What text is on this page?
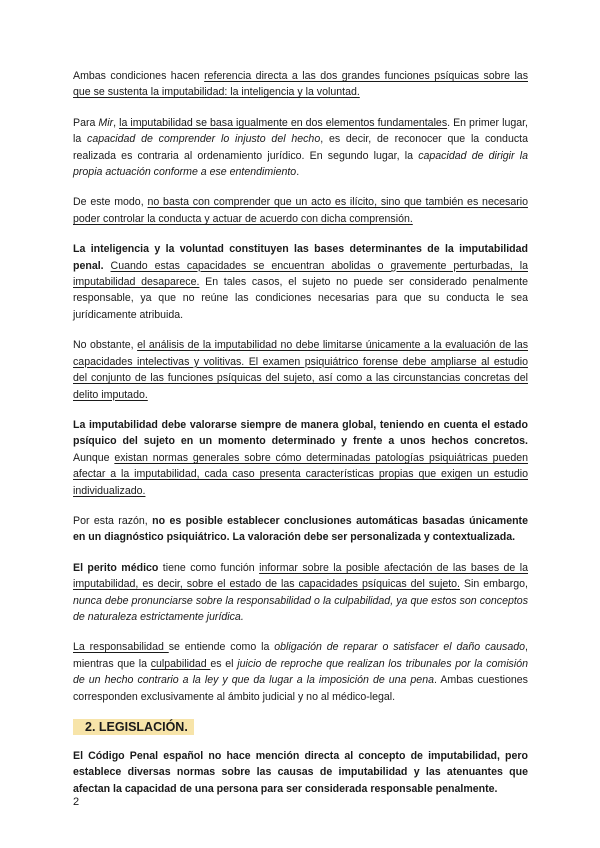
Ambas condiciones hacen referencia directa a las dos grandes funciones psíquicas sobre las que se sustenta la imputabilidad: la inteligencia y la voluntad.

Para Mir, la imputabilidad se basa igualmente en dos elementos fundamentales. En primer lugar, la capacidad de comprender lo injusto del hecho, es decir, de reconocer que la conducta realizada es contraria al ordenamiento jurídico. En segundo lugar, la capacidad de dirigir la propia actuación conforme a ese entendimiento.

De este modo, no basta con comprender que un acto es ilícito, sino que también es necesario poder controlar la conducta y actuar de acuerdo con dicha comprensión.

La inteligencia y la voluntad constituyen las bases determinantes de la imputabilidad penal. Cuando estas capacidades se encuentran abolidas o gravemente perturbadas, la imputabilidad desaparece. En tales casos, el sujeto no puede ser considerado penalmente responsable, ya que no reúne las condiciones necesarias para que su conducta le sea jurídicamente atribuida.

No obstante, el análisis de la imputabilidad no debe limitarse únicamente a la evaluación de las capacidades intelectivas y volitivas. El examen psiquiátrico forense debe ampliarse al estudio del conjunto de las funciones psíquicas del sujeto, así como a las circunstancias concretas del delito imputado.

La imputabilidad debe valorarse siempre de manera global, teniendo en cuenta el estado psíquico del sujeto en un momento determinado y frente a unos hechos concretos. Aunque existan normas generales sobre cómo determinadas patologías psiquiátricas pueden afectar a la imputabilidad, cada caso presenta características propias que exigen un estudio individualizado.

Por esta razón, no es posible establecer conclusiones automáticas basadas únicamente en un diagnóstico psiquiátrico. La valoración debe ser personalizada y contextualizada.

El perito médico tiene como función informar sobre la posible afectación de las bases de la imputabilidad, es decir, sobre el estado de las capacidades psíquicas del sujeto. Sin embargo, nunca debe pronunciarse sobre la responsabilidad o la culpabilidad, ya que estos son conceptos de naturaleza estrictamente jurídica.

La responsabilidad se entiende como la obligación de reparar o satisfacer el daño causado, mientras que la culpabilidad es el juicio de reproche que realizan los tribunales por la comisión de un hecho contrario a la ley y que da lugar a la imposición de una pena. Ambas cuestiones corresponden exclusivamente al ámbito judicial y no al médico-legal.

2. LEGISLACIÓN.

El Código Penal español no hace mención directa al concepto de imputabilidad, pero establece diversas normas sobre las causas de imputabilidad y las atenuantes que afectan la capacidad de una persona para ser considerada responsable penalmente.

2
